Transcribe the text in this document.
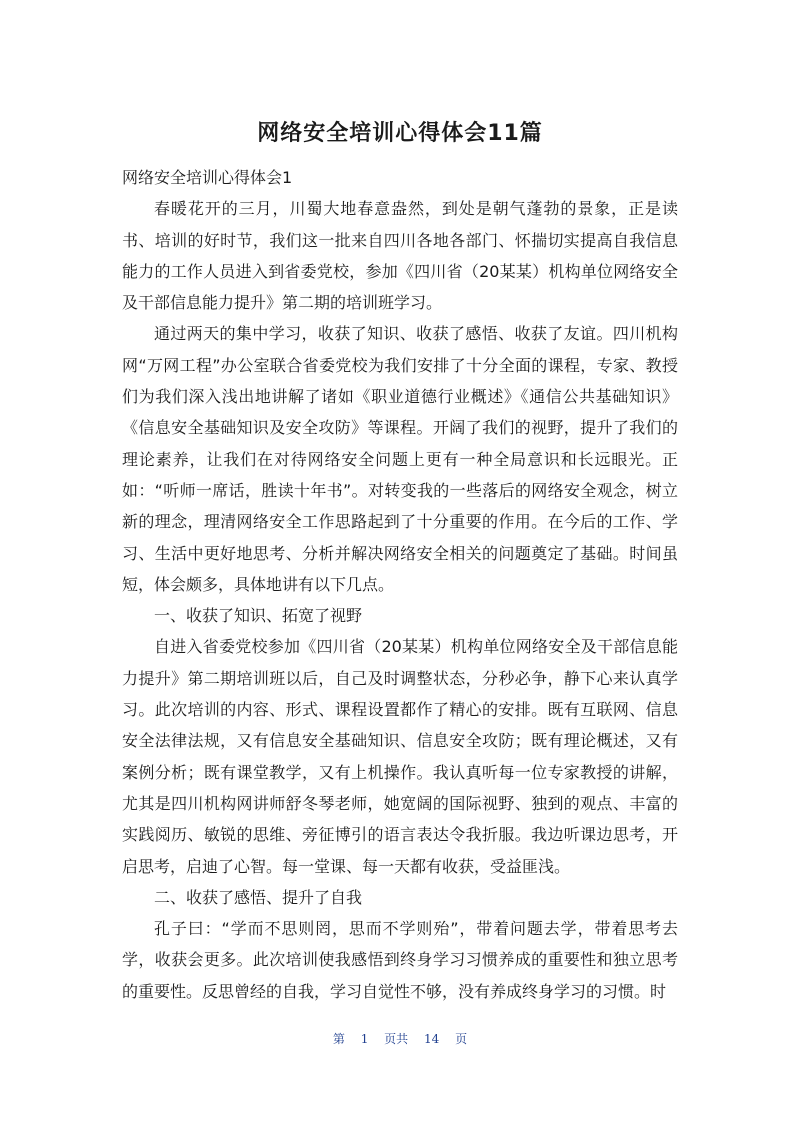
网络安全培训心得体会11篇

网络安全培训心得体会1

春暖花开的三月，川蜀大地春意盎然，到处是朝气蓬勃的景象，正是读书、培训的好时节，我们这一批来自四川各地各部门、怀揣切实提高自我信息能力的工作人员进入到省委党校，参加《四川省（20某某）机构单位网络安全及干部信息能力提升》第二期的培训班学习。

通过两天的集中学习，收获了知识、收获了感悟、收获了友谊。四川机构网“万网工程”办公室联合省委党校为我们安排了十分全面的课程，专家、教授们为我们深入浅出地讲解了诸如《职业道德行业概述》《通信公共基础知识》《信息安全基础知识及安全攻防》等课程。开阔了我们的视野，提升了我们的理论素养，让我们在对待网络安全问题上更有一种全局意识和长远眼光。正如：“听师一席话，胜读十年书”。对转变我的一些落后的网络安全观念，树立新的理念，理清网络安全工作思路起到了十分重要的作用。在今后的工作、学习、生活中更好地思考、分析并解决网络安全相关的问题奠定了基础。时间虽短，体会颇多，具体地讲有以下几点。

一、收获了知识、拓宽了视野

自进入省委党校参加《四川省（20某某）机构单位网络安全及干部信息能力提升》第二期培训班以后，自己及时调整状态，分秒必争，静下心来认真学习。此次培训的内容、形式、课程设置都作了精心的安排。既有互联网、信息安全法律法规，又有信息安全基础知识、信息安全攻防；既有理论概述，又有案例分析；既有课堂教学，又有上机操作。我认真听每一位专家教授的讲解，尤其是四川机构网讲师舒冬琴老师，她宽阔的国际视野、独到的观点、丰富的实践阅历、敏锐的思维、旁征博引的语言表达令我折服。我边听课边思考，开启思考，启迪了心智。每一堂课、每一天都有收获，受益匪浅。

二、收获了感悟、提升了自我

孔子曰：“学而不思则罔，思而不学则殆”，带着问题去学，带着思考去学，收获会更多。此次培训使我感悟到终身学习习惯养成的重要性和独立思考的重要性。反思曾经的自我，学习自觉性不够，没有养成终身学习的习惯。时

第 1 页共 14 页
